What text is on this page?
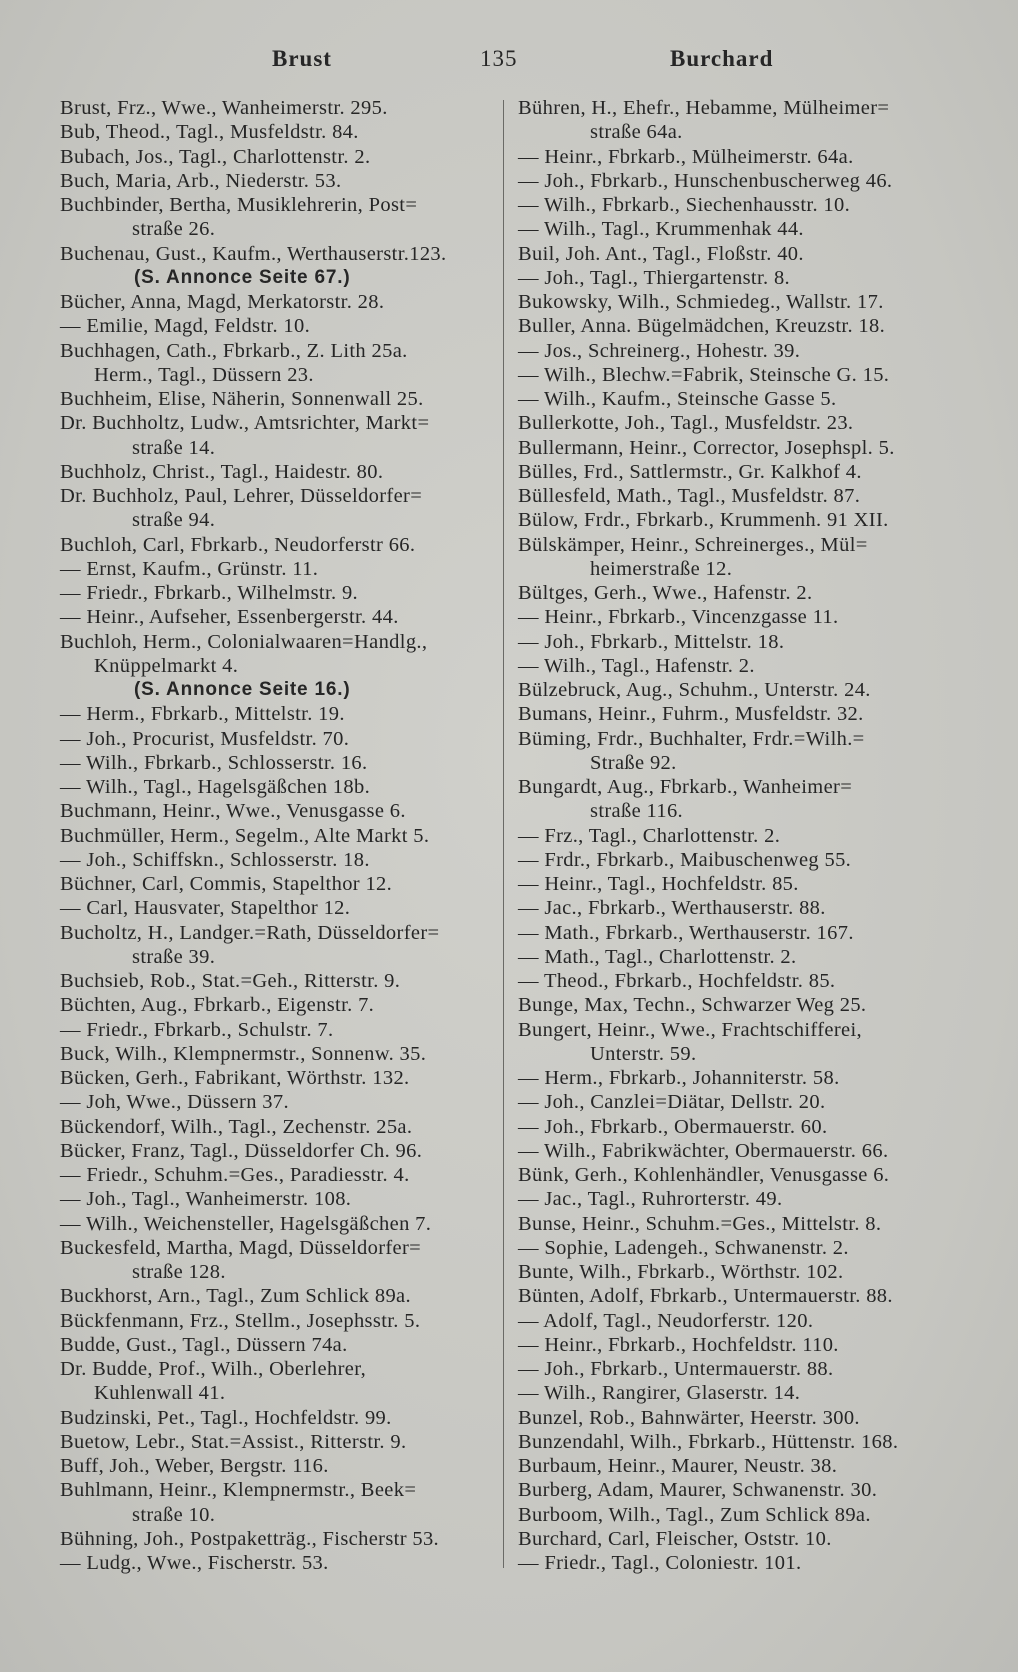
Brust	135	Burchard
Brust, Frz., Wwe., Wanheimerstr. 295.
Bub, Theod., Tagl., Musfeldstr. 84.
Bubach, Jos., Tagl., Charlottenstr. 2.
Buch, Maria, Arb., Niederstr. 53.
Buchbinder, Bertha, Musiklehrerin, Post=
straße 26.
Buchenau, Gust., Kaufm., Werthauserstr.123.
(S. Annonce Seite 67.)
Bücher, Anna, Magd, Merkatorstr. 28.
— Emilie, Magd, Feldstr. 10.
Buchhagen, Cath., Fbrkarb., Z. Lith 25a.
Herm., Tagl., Düssern 23.
Buchheim, Elise, Näherin, Sonnenwall 25.
Dr. Buchholtz, Ludw., Amtsrichter, Markt=
straße 14.
Buchholz, Christ., Tagl., Haidestr. 80.
Dr. Buchholz, Paul, Lehrer, Düsseldorfer=
straße 94.
Buchloh, Carl, Fbrkarb., Neudorferstr 66.
— Ernst, Kaufm., Grünstr. 11.
— Friedr., Fbrkarb., Wilhelmstr. 9.
— Heinr., Aufseher, Essenbergerstr. 44.
Buchloh, Herm., Colonialwaaren=Handlg.,
Knüppelmarkt 4.
(S. Annonce Seite 16.)
— Herm., Fbrkarb., Mittelstr. 19.
— Joh., Procurist, Musfeldstr. 70.
— Wilh., Fbrkarb., Schlosserstr. 16.
— Wilh., Tagl., Hagelsgäßchen 18b.
Buchmann, Heinr., Wwe., Venusgasse 6.
Buchmüller, Herm., Segelm., Alte Markt 5.
— Joh., Schiffskn., Schlosserstr. 18.
Büchner, Carl, Commis, Stapelthor 12.
— Carl, Hausvater, Stapelthor 12.
Bucholtz, H., Landger.=Rath, Düsseldorfer=
straße 39.
Buchsieb, Rob., Stat.=Geh., Ritterstr. 9.
Büchten, Aug., Fbrkarb., Eigenstr. 7.
— Friedr., Fbrkarb., Schulstr. 7.
Buck, Wilh., Klempnermstr., Sonnenw. 35.
Bücken, Gerh., Fabrikant, Wörthstr. 132.
— Joh, Wwe., Düssern 37.
Bückendorf, Wilh., Tagl., Zechenstr. 25a.
Bücker, Franz, Tagl., Düsseldorfer Ch. 96.
— Friedr., Schuhm.=Ges., Paradiesstr. 4.
— Joh., Tagl., Wanheimerstr. 108.
— Wilh., Weichensteller, Hagelsgäßchen 7.
Buckesfeld, Martha, Magd, Düsseldorfer=
straße 128.
Buckhorst, Arn., Tagl., Zum Schlick 89a.
Bückfenmann, Frz., Stellm., Josephsstr. 5.
Budde, Gust., Tagl., Düssern 74a.
Dr. Budde, Prof., Wilh., Oberlehrer,
Kuhlenwall 41.
Budzinski, Pet., Tagl., Hochfeldstr. 99.
Buetow, Lebr., Stat.=Assist., Ritterstr. 9.
Buff, Joh., Weber, Bergstr. 116.
Buhlmann, Heinr., Klempnermstr., Beek=
straße 10.
Bühning, Joh., Postpaketträg., Fischerstr 53.
— Ludg., Wwe., Fischerstr. 53.
Bühren, H., Ehefr., Hebamme, Mülheimer=
straße 64a.
— Heinr., Fbrkarb., Mülheimerstr. 64a.
— Joh., Fbrkarb., Hunschenbuscherweg 46.
— Wilh., Fbrkarb., Siechenhausstr. 10.
— Wilh., Tagl., Krummenhak 44.
Buil, Joh. Ant., Tagl., Floßstr. 40.
— Joh., Tagl., Thiergartenstr. 8.
Bukowsky, Wilh., Schmiedeg., Wallstr. 17.
Buller, Anna. Bügelmädchen, Kreuzstr. 18.
— Jos., Schreinerg., Hohestr. 39.
— Wilh., Blechw.=Fabrik, Steinsche G. 15.
— Wilh., Kaufm., Steinsche Gasse 5.
Bullerkotte, Joh., Tagl., Musfeldstr. 23.
Bullermann, Heinr., Corrector, Josephspl. 5.
Bülles, Frd., Sattlermstr., Gr. Kalkhof 4.
Büllesfeld, Math., Tagl., Musfeldstr. 87.
Bülow, Frdr., Fbrkarb., Krummenh. 91 XII.
Bülskämper, Heinr., Schreinerges., Mül=
heimerstraße 12.
Bültges, Gerh., Wwe., Hafenstr. 2.
— Heinr., Fbrkarb., Vincenzgasse 11.
— Joh., Fbrkarb., Mittelstr. 18.
— Wilh., Tagl., Hafenstr. 2.
Bülzebruck, Aug., Schuhm., Unterstr. 24.
Bumans, Heinr., Fuhrm., Musfeldstr. 32.
Büming, Frdr., Buchhalter, Frdr.=Wilh.=
Straße 92.
Bungardt, Aug., Fbrkarb., Wanheimer=
straße 116.
— Frz., Tagl., Charlottenstr. 2.
— Frdr., Fbrkarb., Maibuschenweg 55.
— Heinr., Tagl., Hochfeldstr. 85.
— Jac., Fbrkarb., Werthauserstr. 88.
— Math., Fbrkarb., Werthauserstr. 167.
— Math., Tagl., Charlottenstr. 2.
— Theod., Fbrkarb., Hochfeldstr. 85.
Bunge, Max, Techn., Schwarzer Weg 25.
Bungert, Heinr., Wwe., Frachtschifferei,
Unterstr. 59.
— Herm., Fbrkarb., Johanniterstr. 58.
— Joh., Canzlei=Diätar, Dellstr. 20.
— Joh., Fbrkarb., Obermauerstr. 60.
— Wilh., Fabrikwächter, Obermauerstr. 66.
Bünk, Gerh., Kohlenhändler, Venusgasse 6.
— Jac., Tagl., Ruhrorterstr. 49.
Bunse, Heinr., Schuhm.=Ges., Mittelstr. 8.
— Sophie, Ladengeh., Schwanenstr. 2.
Bunte, Wilh., Fbrkarb., Wörthstr. 102.
Bünten, Adolf, Fbrkarb., Untermauerstr. 88.
— Adolf, Tagl., Neudorferstr. 120.
— Heinr., Fbrkarb., Hochfeldstr. 110.
— Joh., Fbrkarb., Untermauerstr. 88.
— Wilh., Rangirer, Glaserstr. 14.
Bunzel, Rob., Bahnwärter, Heerstr. 300.
Bunzendahl, Wilh., Fbrkarb., Hüttenstr. 168.
Burbaum, Heinr., Maurer, Neustr. 38.
Burberg, Adam, Maurer, Schwanenstr. 30.
Burboom, Wilh., Tagl., Zum Schlick 89a.
Burchard, Carl, Fleischer, Oststr. 10.
— Friedr., Tagl., Coloniestr. 101.
